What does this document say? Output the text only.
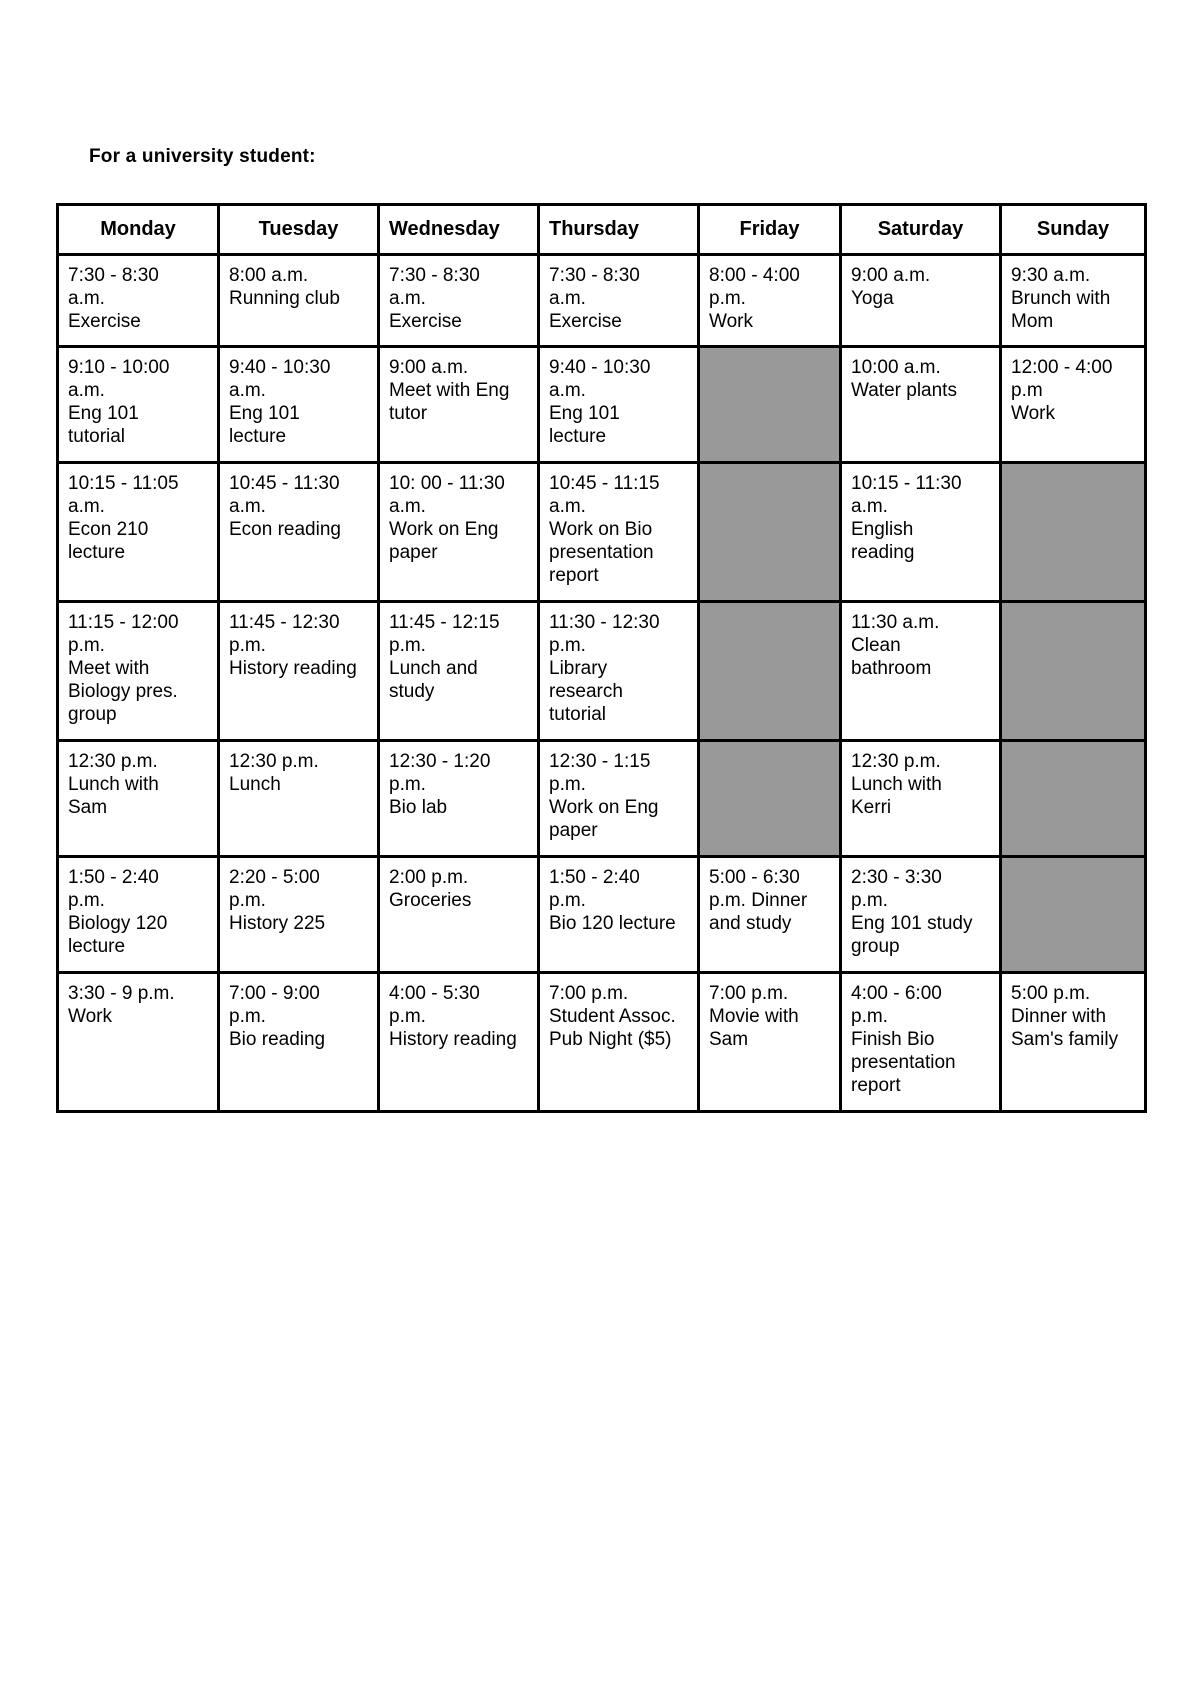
For a university student:

Monday	Tuesday	Wednesday	Thursday	Friday	Saturday	Sunday
7:30 - 8:30
a.m.
Exercise	8:00 a.m.
Running club	7:30 - 8:30
a.m.
Exercise	7:30 - 8:30
a.m.
Exercise	8:00 - 4:00
p.m.
Work	9:00 a.m.
Yoga	9:30 a.m.
Brunch with
Mom
9:10 - 10:00
a.m.
Eng 101
tutorial	9:40 - 10:30
a.m.
Eng 101
lecture	9:00 a.m.
Meet with Eng
tutor	9:40 - 10:30
a.m.
Eng 101
lecture		10:00 a.m.
Water plants	12:00 - 4:00
p.m
Work
10:15 - 11:05
a.m.
Econ 210
lecture	10:45 - 11:30
a.m.
Econ reading	10: 00 - 11:30
a.m.
Work on Eng
paper	10:45 - 11:15
a.m.
Work on Bio
presentation
report		10:15 - 11:30
a.m.
English
reading	
11:15 - 12:00
p.m.
Meet with
Biology pres.
group	11:45 - 12:30
p.m.
History reading	11:45 - 12:15
p.m.
Lunch and
study	11:30 - 12:30
p.m.
Library
research
tutorial		11:30 a.m.
Clean
bathroom	
12:30 p.m.
Lunch with
Sam	12:30 p.m.
Lunch	12:30 - 1:20
p.m.
Bio lab	12:30 - 1:15
p.m.
Work on Eng
paper		12:30 p.m.
Lunch with
Kerri	
1:50 - 2:40
p.m.
Biology 120
lecture	2:20 - 5:00
p.m.
History 225	2:00 p.m.
Groceries	1:50 - 2:40
p.m.
Bio 120 lecture	5:00 - 6:30
p.m. Dinner
and study	2:30 - 3:30
p.m.
Eng 101 study
group	
3:30 - 9 p.m.
Work	7:00 - 9:00
p.m.
Bio reading	4:00 - 5:30
p.m.
History reading	7:00 p.m.
Student Assoc.
Pub Night ($5)	7:00 p.m.
Movie with
Sam	4:00 - 6:00
p.m.
Finish Bio
presentation
report	5:00 p.m.
Dinner with
Sam's family
